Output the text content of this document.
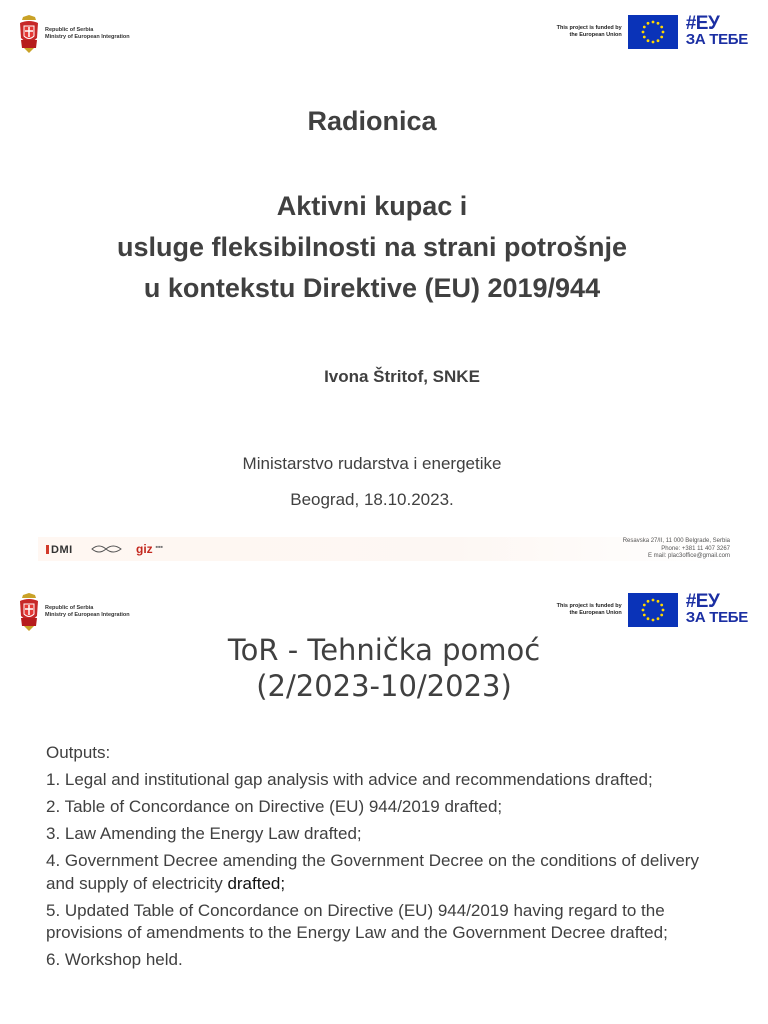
Republic of Serbia
Ministry of European Integration
This project is funded by
the European Union
#ЕУ
ЗА ТЕБЕ
Radionica
Aktivni kupac i
usluge fleksibilnosti na strani potrošnje
u kontekstu Direktive (EU) 2019/944
Ivona Štritof, SNKE
Ministarstvo rudarstva i energetike
Beograd, 18.10.2023.
DMI	giz ■■■
Resavska 27/II, 11 000 Belgrade, Serbia
Phone: +381 11 407 3267
E mail: plac3office@gmail.com
Republic of Serbia
Ministry of European Integration
This project is funded by
the European Union
#ЕУ
ЗА ТЕБЕ
ToR - Tehnička pomoć
(2/2023-10/2023)

Outputs:

1. Legal and institutional gap analysis with advice and recommendations drafted;

2. Table of Concordance on Directive (EU) 944/2019 drafted;

3. Law Amending the Energy Law drafted;

4. Government Decree amending the Government Decree on the conditions of delivery and supply of electricity drafted;

5. Updated Table of Concordance on Directive (EU) 944/2019 having regard to the provisions of amendments to the Energy Law and the Government Decree drafted;

6. Workshop held.
